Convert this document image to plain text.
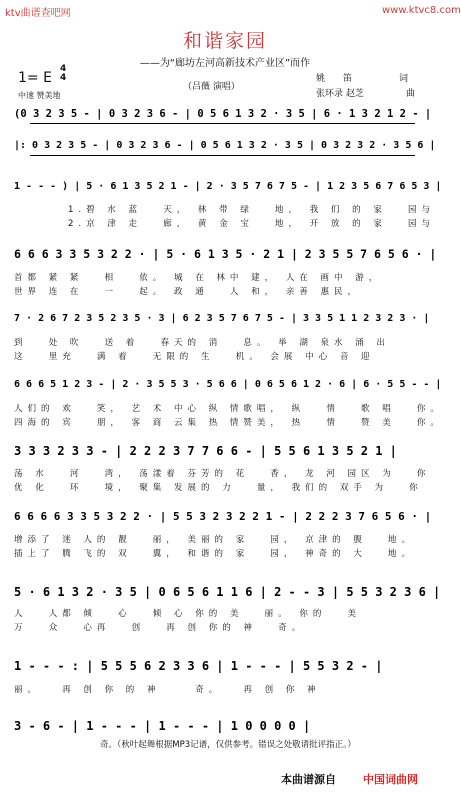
ktv曲谱查吧网	www.ktvc8.com
和谐家园
——为“廊坊左河高新技术产业区”而作
1= E
4
4
中速 赞美地
（吕薇 演唱）
姚　　笛	词
张环录 赵芝	曲
(0 3 2 3 5 - | 0 3 2 3 6 - | 0 5 6 1 3 2 · 3 5 | 6 · 1 3 2 1 2 - |
|: 0 3 2 3 5 - | 0 3 2 3 6 - | 0 5 6 1 3 2 · 3 5 | 0 3 2 3 2 · 3 5 6 |
1 - - - ) | 5 · 6 1 3 5 2 1 - | 2 · 3 5 7 6 7 5 - | 1 2 3 5 6 7 6 5 3 |
1.碧 水 蓝 　天， 林 带 绿 　地， 我 们 的 家 　园与
2.京 津 走 　廊， 黄 金 宝 　地， 开 放 的 家 　园与
6 6 6 3 3 5 3 2 2 · | 5 · 6 1 3 5 · 2 1 | 2 3 5 5 7 6 5 6 · |
首都 紧 紧 　相 　依。 城 在 林中 建， 人在 画中 游，
世界 连 在 　一 　起。 政 通 　人 和， 亲善 惠民，
7 · 2 6 7 2 3 5 2 3 5 · 3 | 6 2 3 5 7 6 7 5 - | 3 3 5 1 1 2 3 2 3 · |
到 　处 吹 　送 着 　春天的 消 　息。 举 湖 泉水 涌 出
这 　里充 　满 着 　无限的 生 　机。 会展 中心 音 迎
6 6 6 5 1 2 3 - | 2 · 3 5 5 3 · 5 6 6 | 0 6 5 6 1 2 · 6 | 6 · 5 5 - - |
人们的 欢 　笑， 艺 术 中心 纵 情歌唱， 纵 　情 　歌 唱 　你。
四海的 宾 　朋， 客 商 云集 热 情赞美， 热 　情 　赞 美 　你。
3 3 3 2 3 3 - | 2 2 2 3 7 7 6 6 - | 5 5 6 1 3 5 2 1 |
荡 水 　河 　湾， 荡漾着 芬芳的 花 　香， 龙 河 园区 为 　你
优 化 　环 　境， 聚集 发展的 力 　量， 我们的 双手 为 　你
6 6 6 6 3 3 5 3 2 2 · | 5 5 3 2 3 2 2 1 - | 2 2 2 3 7 6 5 6 · |
增添了 迷 人的 靓 　丽， 美丽的 家 　园， 京津的 腹 　地。
插上了 腾 飞的 双 　翼， 和谐的 家 　园， 神奇的 大 　地。
5 · 6 1 3 2 · 3 5 | 0 6 5 6 1 1 6 | 2 - - 3 | 5 5 3 2 3 6 |
人 　人都 倾 　心 　倾 心 你的 美 　丽。 你的 　美
万 　众 　心再 　创 　再 创 你的 神 　奇。
1 - - - : | 5 5 5 6 2 3 3 6 | 1 - - - | 5 5 3 2 - |
丽。 　再 创 你 的 神 　　奇。 　再 创 你 神
3 - 6 - | 1 - - - | 1 - - - | 1 0 0 0 0 |
奇。（秋叶起舞根据MP3记谱，仅供参考。错误之处敬请批评指正。）
本曲谱源自 中国词曲网
